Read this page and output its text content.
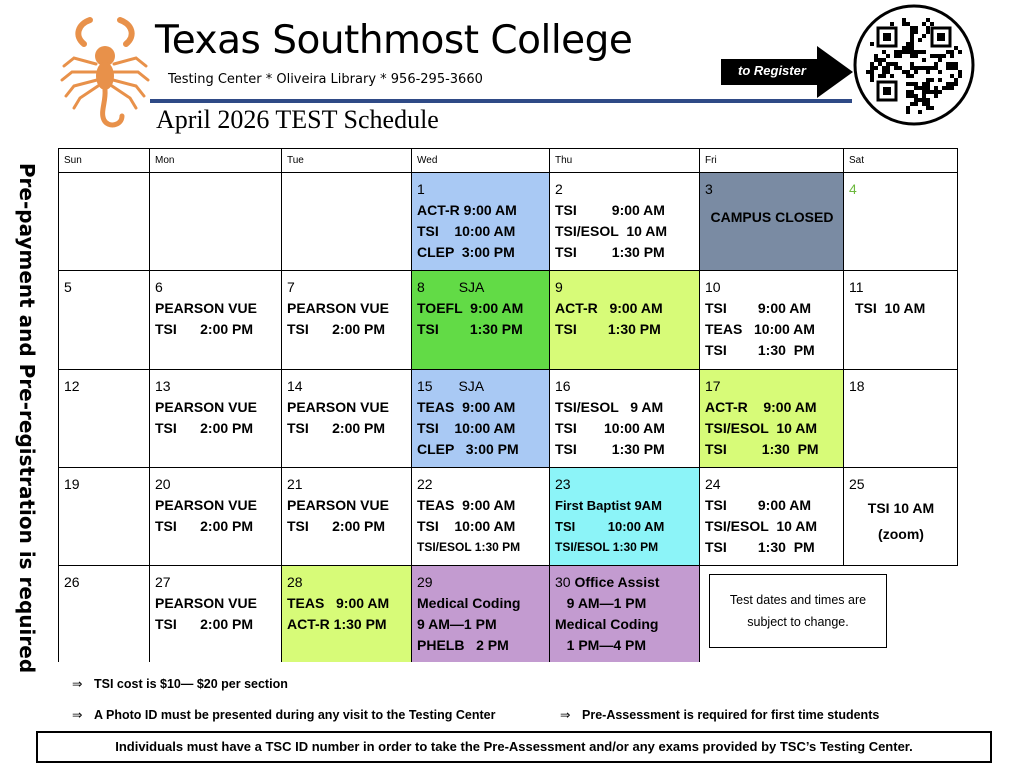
Texas Southmost College
Testing Center * Oliveira Library * 956-295-3660
April 2026 TEST Schedule
to Register
Pre-payment and Pre-registration is required
Sun	Mon	Tue	Wed	Thu	Fri	Sat
			1
ACT-R 9:00 AM
TSI    10:00 AM
CLEP  3:00 PM	2
TSI         9:00 AM
TSI/ESOL  10 AM
TSI         1:30 PM	3
CAMPUS CLOSED	4
5	6
PEARSON VUE
TSI      2:00 PM	7
PEARSON VUE
TSI      2:00 PM	8 SJA
TOEFL  9:00 AM
TSI        1:30 PM	9
ACT-R   9:00 AM
TSI        1:30 PM	10
TSI        9:00 AM
TEAS   10:00 AM
TSI        1:30  PM	11
TSI  10 AM

12	13
PEARSON VUE
TSI      2:00 PM	14
PEARSON VUE
TSI      2:00 PM	15 SJA
TEAS  9:00 AM
TSI    10:00 AM
CLEP   3:00 PM	16
TSI/ESOL   9 AM
TSI       10:00 AM
TSI         1:30 PM	17
ACT-R    9:00 AM
TSI/ESOL  10 AM
TSI         1:30  PM	18
19	20
PEARSON VUE
TSI      2:00 PM	21
PEARSON VUE
TSI      2:00 PM	22
TEAS  9:00 AM
TSI    10:00 AM
TSI/ESOL 1:30 PM	23
First Baptist 9AM
TSI         10:00 AM
TSI/ESOL 1:30 PM	24
TSI        9:00 AM
TSI/ESOL  10 AM
TSI        1:30  PM	25
TSI 10 AM
(zoom)

26	27
PEARSON VUE
TSI      2:00 PM	28
TEAS   9:00 AM
ACT-R 1:30 PM	29
Medical Coding
9 AM—1 PM
PHELB   2 PM	30 Office Assist
9 AM—1 PM
Medical Coding
1 PM—4 PM		

Test dates and times are subject to change.
⇒ TSI cost is $10— $20 per section
⇒ A Photo ID must be presented during any visit to the Testing Center	⇒ Pre-Assessment is required for first time students
Individuals must have a TSC ID number in order to take the Pre-Assessment and/or any exams provided by TSC’s Testing Center.
